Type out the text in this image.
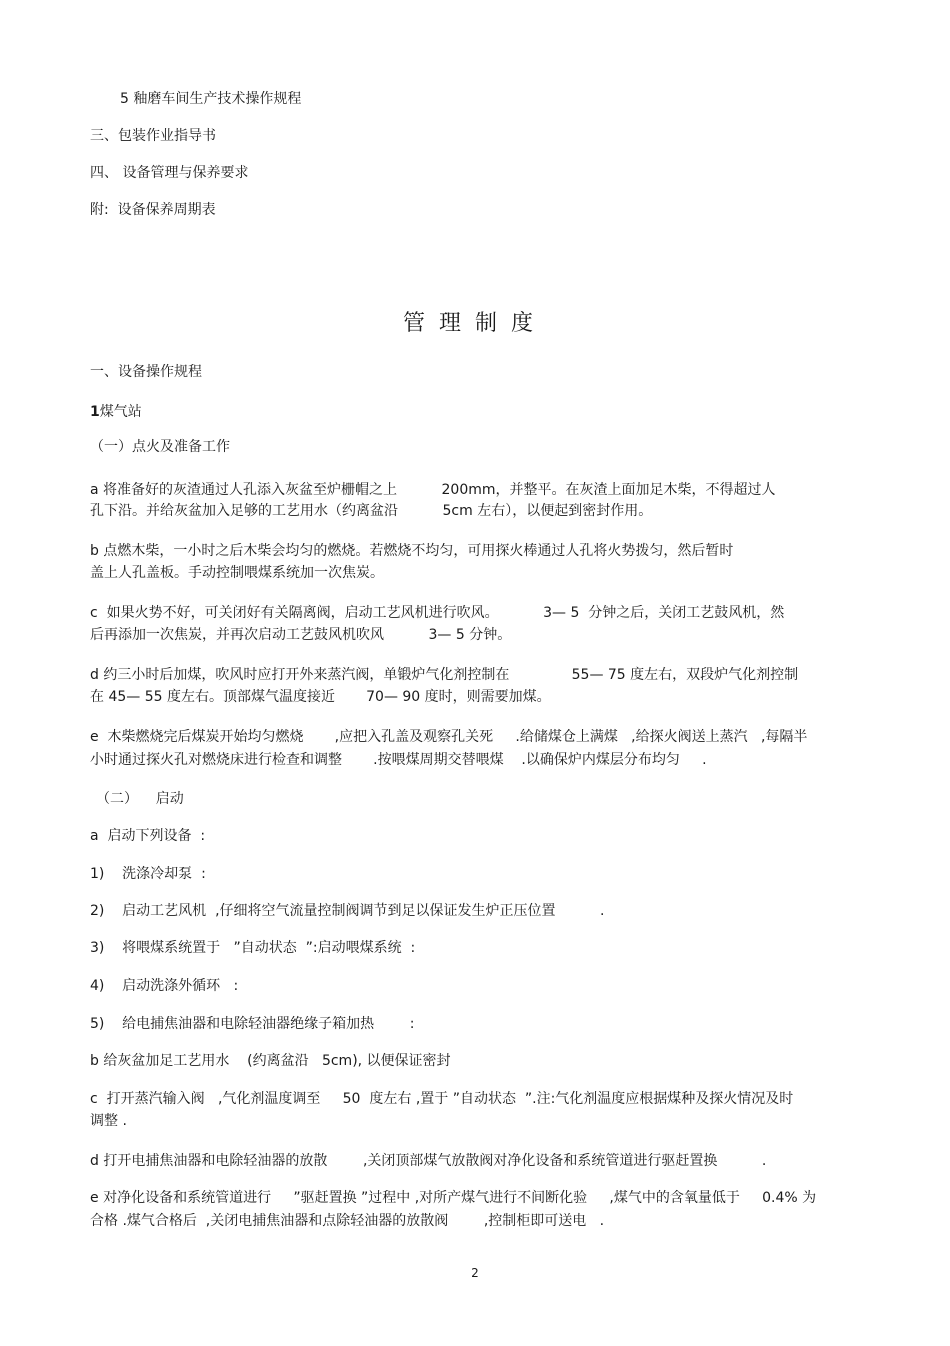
5 釉磨车间生产技术操作规程
三、包装作业指导书
四、 设备管理与保养要求
附:  设备保养周期表
管理制度
一、设备操作规程
1煤气站
（一）点火及准备工作
a 将准备好的灰渣通过人孔添入灰盆至炉栅帽之上          200mm，并整平。在灰渣上面加足木柴，不得超过人
孔下沿。并给灰盆加入足够的工艺用水（约离盆沿          5cm 左右），以便起到密封作用。
b 点燃木柴，一小时之后木柴会均匀的燃烧。若燃烧不均匀，可用探火棒通过人孔将火势拨匀，然后暂时
盖上人孔盖板。手动控制喂煤系统加一次焦炭。
c  如果火势不好，可关闭好有关隔离阀，启动工艺风机进行吹风。          3— 5  分钟之后，关闭工艺鼓风机，然
后再添加一次焦炭，并再次启动工艺鼓风机吹风          3— 5 分钟。
d 约三小时后加煤，吹风时应打开外来蒸汽阀，单锻炉气化剂控制在              55— 75 度左右，双段炉气化剂控制
在 45— 55 度左右。顶部煤气温度接近       70— 90 度时，则需要加煤。
e  木柴燃烧完后煤炭开始均匀燃烧       ,应把入孔盖及观察孔关死     .给储煤仓上满煤   ,给探火阀送上蒸汽   ,每隔半
小时通过探火孔对燃烧床进行检查和调整       .按喂煤周期交替喂煤    .以确保炉内煤层分布均匀     .
（二）    启动
a  启动下列设备  :
1)    洗涤冷却泵  :
2)    启动工艺风机  ,仔细将空气流量控制阀调节到足以保证发生炉正压位置          .
3)    将喂煤系统置于   ”自动状态  ”:启动喂煤系统  :
4)    启动洗涤外循环   :
5)    给电捕焦油器和电除轻油器绝缘子箱加热        :
b 给灰盆加足工艺用水    (约离盆沿   5cm), 以便保证密封
c  打开蒸汽输入阀   ,气化剂温度调至     50  度左右 ,置于 ”自动状态  ”.注:气化剂温度应根据煤种及探火情况及时
调整 .
d 打开电捕焦油器和电除轻油器的放散        ,关闭顶部煤气放散阀对净化设备和系统管道进行驱赶置换          .
e 对净化设备和系统管道进行     ”驱赶置换 ”过程中 ,对所产煤气进行不间断化验     ,煤气中的含氧量低于     0.4% 为
合格 .煤气合格后  ,关闭电捕焦油器和点除轻油器的放散阀        ,控制柜即可送电   .
2
